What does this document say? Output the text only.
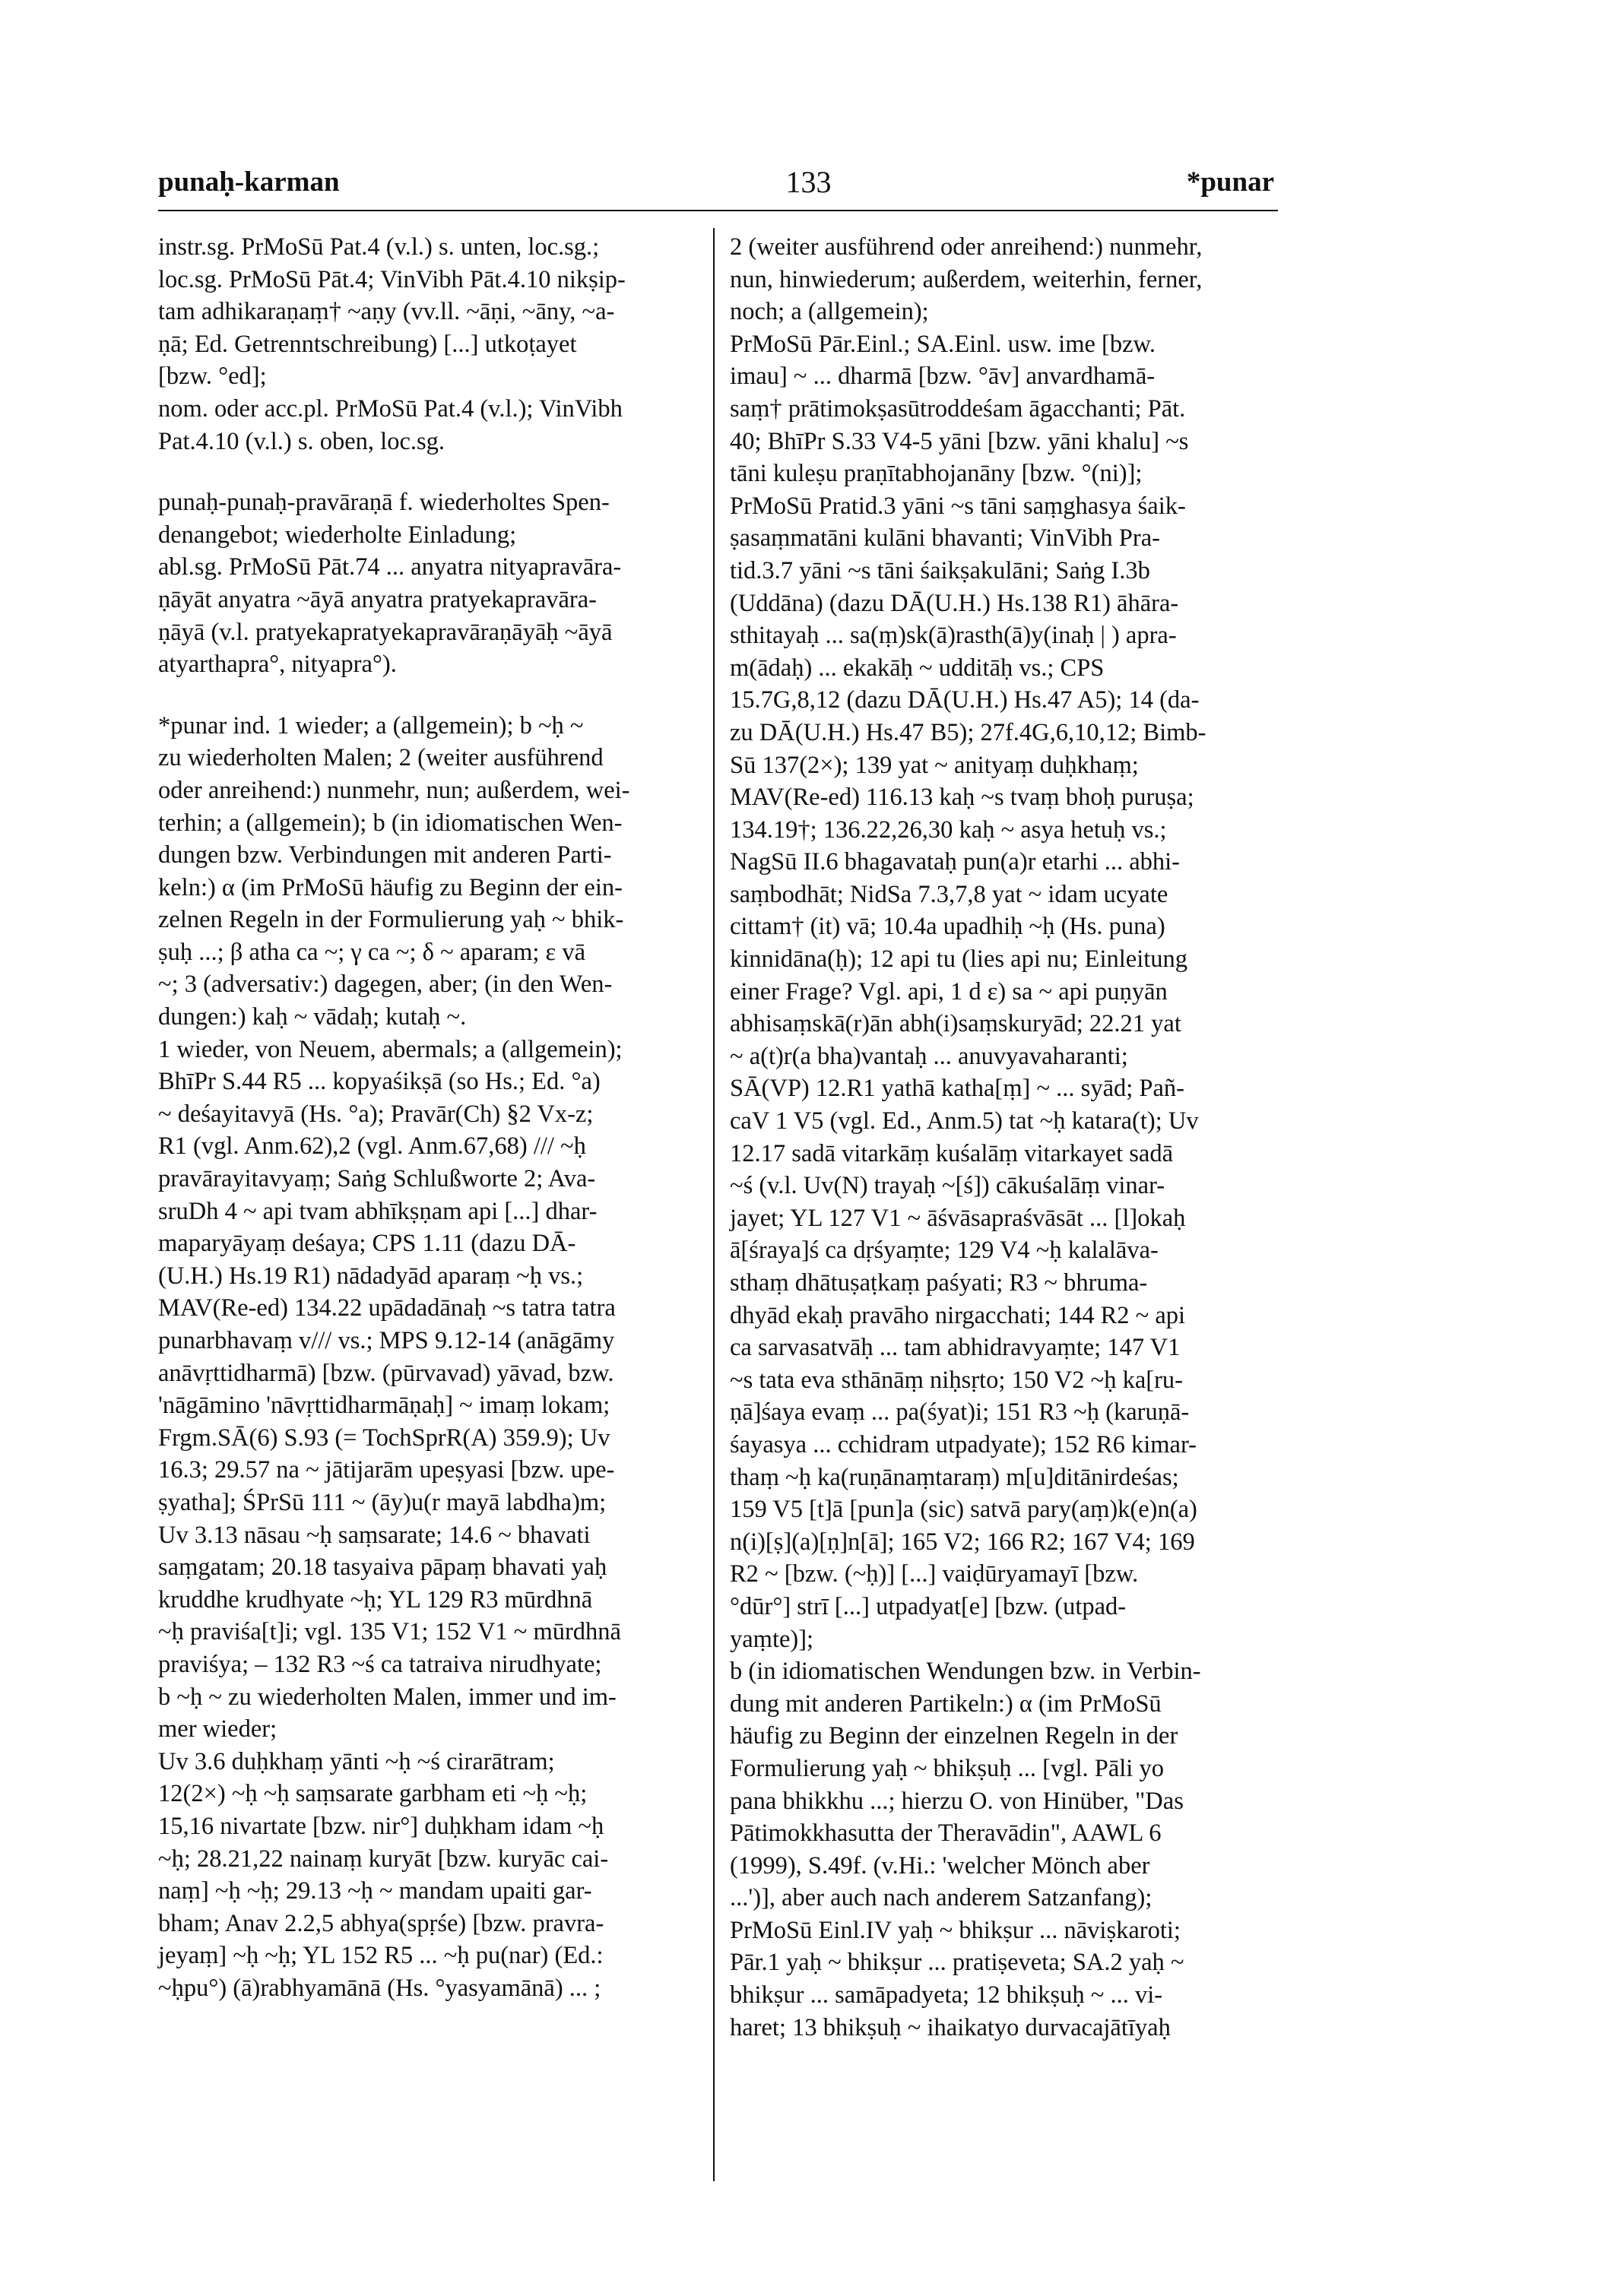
punaḥ-karman	133	*punar

instr.sg. PrMoSū Pat.4 (v.l.) s. unten, loc.sg.;
loc.sg. PrMoSū Pāt.4; VinVibh Pāt.4.10 nikṣip-
tam adhikaraṇaṃ† ~aṇy (vv.ll. ~āṇi, ~āny, ~a-
ṇā; Ed. Getrenntschreibung) [...] utkoṭayet
[bzw. °ed];
nom. oder acc.pl. PrMoSū Pat.4 (v.l.); VinVibh
Pat.4.10 (v.l.) s. oben, loc.sg.

punaḥ-punaḥ-pravāraṇā f. wiederholtes Spen-
denangebot; wiederholte Einladung;
abl.sg. PrMoSū Pāt.74 ... anyatra nityapravāra-
ṇāyāt anyatra ~āyā anyatra pratyekapravāra-
ṇāyā (v.l. pratyekapratyekapravāraṇāyāḥ ~āyā
atyarthapra°, nityapra°).

*punar ind. 1 wieder; a (allgemein); b ~ḥ ~
zu wiederholten Malen; 2 (weiter ausführend
oder anreihend:) nunmehr, nun; außerdem, wei-
terhin; a (allgemein); b (in idiomatischen Wen-
dungen bzw. Verbindungen mit anderen Parti-
keln:) α (im PrMoSū häufig zu Beginn der ein-
zelnen Regeln in der Formulierung yaḥ ~ bhik-
ṣuḥ ...; β atha ca ~; γ ca ~; δ ~ aparam; ε vā
~; 3 (adversativ:) dagegen, aber; (in den Wen-
dungen:) kaḥ ~ vādaḥ; kutaḥ ~.
1 wieder, von Neuem, abermals; a (allgemein);
BhīPr S.44 R5 ... kopyaśikṣā (so Hs.; Ed. °a)
~ deśayitavyā (Hs. °a); Pravār(Ch) §2 Vx-z;
R1 (vgl. Anm.62),2 (vgl. Anm.67,68) /// ~ḥ
pravārayitavyaṃ; Saṅg Schlußworte 2; Ava-
sruDh 4 ~ api tvam abhīkṣṇam api [...] dhar-
maparyāyaṃ deśaya; CPS 1.11 (dazu DĀ-
(U.H.) Hs.19 R1) nādadyād aparaṃ ~ḥ vs.;
MAV(Re-ed) 134.22 upādadānaḥ ~s tatra tatra
punarbhavaṃ v/// vs.; MPS 9.12-14 (anāgāmy
anāvṛttidharmā) [bzw. (pūrvavad) yāvad, bzw.
'nāgāmino 'nāvṛttidharmāṇaḥ] ~ imaṃ lokam;
Frgm.SĀ(6) S.93 (= TochSprR(A) 359.9); Uv
16.3; 29.57 na ~ jātijarām upeṣyasi [bzw. upe-
ṣyatha]; ŚPrSū 111 ~ (āy)u(r mayā labdha)m;
Uv 3.13 nāsau ~ḥ saṃsarate; 14.6 ~ bhavati
saṃgatam; 20.18 tasyaiva pāpaṃ bhavati yaḥ
kruddhe krudhyate ~ḥ; YL 129 R3 mūrdhnā
~ḥ praviśa[t]i; vgl. 135 V1; 152 V1 ~ mūrdhnā
praviśya; – 132 R3 ~ś ca tatraiva nirudhyate;
b ~ḥ ~ zu wiederholten Malen, immer und im-
mer wieder;
Uv 3.6 duḥkhaṃ yānti ~ḥ ~ś cirarātram;
12(2×) ~ḥ ~ḥ saṃsarate garbham eti ~ḥ ~ḥ;
15,16 nivartate [bzw. nir°] duḥkham idam ~ḥ
~ḥ; 28.21,22 nainaṃ kuryāt [bzw. kuryāc cai-
naṃ] ~ḥ ~ḥ; 29.13 ~ḥ ~ mandam upaiti gar-
bham; Anav 2.2,5 abhya(spṛśe) [bzw. pravra-
jeyaṃ] ~ḥ ~ḥ; YL 152 R5 ... ~ḥ pu(nar) (Ed.:
~ḥpu°) (ā)rabhyamānā (Hs. °yasyamānā) ... ;

2 (weiter ausführend oder anreihend:) nunmehr,
nun, hinwiederum; außerdem, weiterhin, ferner,
noch; a (allgemein);
PrMoSū Pār.Einl.; SA.Einl. usw. ime [bzw.
imau] ~ ... dharmā [bzw. °āv] anvardhamā-
saṃ† prātimokṣasūtroddeśam āgacchanti; Pāt.
40; BhīPr S.33 V4-5 yāni [bzw. yāni khalu] ~s
tāni kuleṣu praṇītabhojanāny [bzw. °(ni)];
PrMoSū Pratid.3 yāni ~s tāni saṃghasya śaik-
ṣasaṃmatāni kulāni bhavanti; VinVibh Pra-
tid.3.7 yāni ~s tāni śaikṣakulāni; Saṅg I.3b
(Uddāna) (dazu DĀ(U.H.) Hs.138 R1) āhāra-
sthitayaḥ ... sa(ṃ)sk(ā)rasth(ā)y(inaḥ | ) apra-
m(ādaḥ) ... ekakāḥ ~ udditāḥ vs.; CPS
15.7G,8,12 (dazu DĀ(U.H.) Hs.47 A5); 14 (da-
zu DĀ(U.H.) Hs.47 B5); 27f.4G,6,10,12; Bimb-
Sū 137(2×); 139 yat ~ anityaṃ duḥkhaṃ;
MAV(Re-ed) 116.13 kaḥ ~s tvaṃ bhoḥ puruṣa;
134.19†; 136.22,26,30 kaḥ ~ asya hetuḥ vs.;
NagSū II.6 bhagavataḥ pun(a)r etarhi ... abhi-
saṃbodhāt; NidSa 7.3,7,8 yat ~ idam ucyate
cittam† (it) vā; 10.4a upadhiḥ ~ḥ (Hs. puna)
kinnidāna(ḥ); 12 api tu (lies api nu; Einleitung
einer Frage? Vgl. api, 1 d ε) sa ~ api puṇyān
abhisaṃskā(r)ān abh(i)saṃskuryād; 22.21 yat
~ a(t)r(a bha)vantaḥ ... anuvyavaharanti;
SĀ(VP) 12.R1 yathā katha[ṃ] ~ ... syād; Pañ-
caV 1 V5 (vgl. Ed., Anm.5) tat ~ḥ katara(t); Uv
12.17 sadā vitarkāṃ kuśalāṃ vitarkayet sadā
~ś (v.l. Uv(N) trayaḥ ~[ś]) cākuśalāṃ vinar-
jayet; YL 127 V1 ~ āśvāsapraśvāsāt ... [l]okaḥ
ā[śraya]ś ca dṛśyaṃte; 129 V4 ~ḥ kalalāva-
sthaṃ dhātuṣaṭkaṃ paśyati; R3 ~ bhruma-
dhyād ekaḥ pravāho nirgacchati; 144 R2 ~ api
ca sarvasatvāḥ ... tam abhidravyaṃte; 147 V1
~s tata eva sthānāṃ niḥsṛto; 150 V2 ~ḥ ka[ru-
ṇā]śaya evaṃ ... pa(śyat)i; 151 R3 ~ḥ (karuṇā-
śayasya ... cchidram utpadyate); 152 R6 kimar-
thaṃ ~ḥ ka(ruṇānaṃtaraṃ) m[u]ditānirdeśas;
159 V5 [t]ā [pun]a (sic) satvā pary(aṃ)k(e)n(a)
n(i)[ṣ](a)[ṇ]n[ā]; 165 V2; 166 R2; 167 V4; 169
R2 ~ [bzw. (~ḥ)] [...] vaiḍūryamayī [bzw.
°dūr°] strī [...] utpadyat[e] [bzw. (utpad-
yaṃte)];
b (in idiomatischen Wendungen bzw. in Verbin-
dung mit anderen Partikeln:) α (im PrMoSū
häufig zu Beginn der einzelnen Regeln in der
Formulierung yaḥ ~ bhikṣuḥ ... [vgl. Pāli yo
pana bhikkhu ...; hierzu O. von Hinüber, "Das
Pātimokkhasutta der Theravādin", AAWL 6
(1999), S.49f. (v.Hi.: 'welcher Mönch aber
...')], aber auch nach anderem Satzanfang);
PrMoSū Einl.IV yaḥ ~ bhikṣur ... nāviṣkaroti;
Pār.1 yaḥ ~ bhikṣur ... pratiṣeveta; SA.2 yaḥ ~
bhikṣur ... samāpadyeta; 12 bhikṣuḥ ~ ... vi-
haret; 13 bhikṣuḥ ~ ihaikatyo durvacajātīyaḥ
